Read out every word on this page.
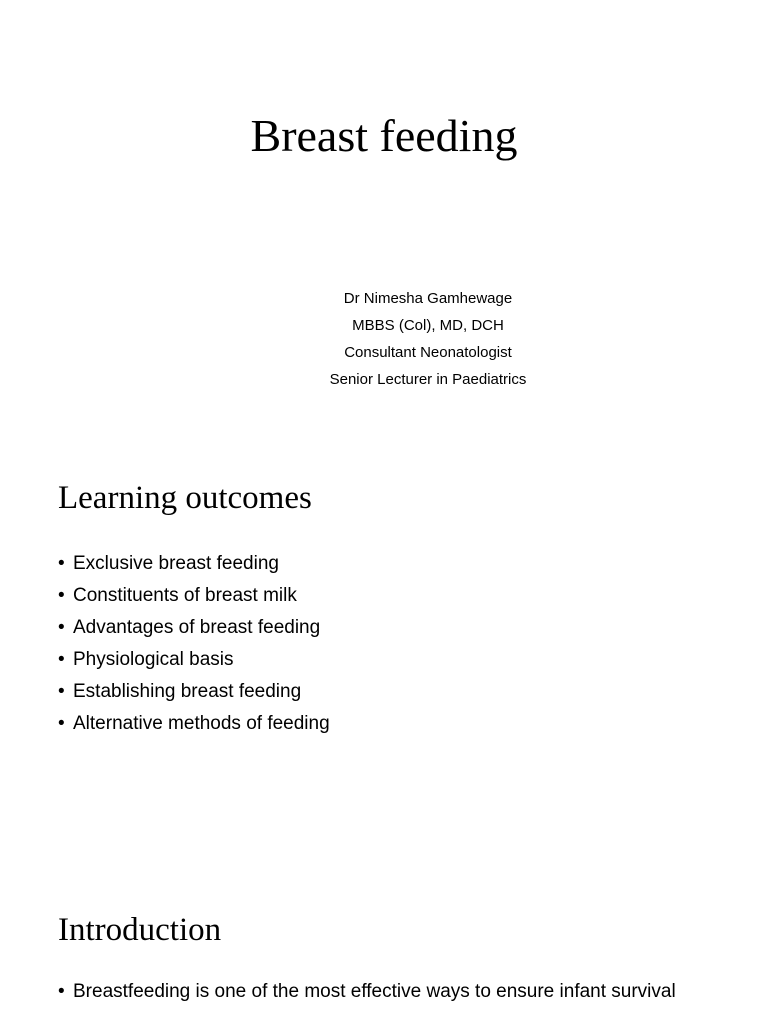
Breast feeding
Dr Nimesha Gamhewage
MBBS (Col), MD, DCH
Consultant Neonatologist
Senior Lecturer in Paediatrics
Learning outcomes
• Exclusive breast feeding
• Constituents of breast milk
• Advantages of breast feeding
• Physiological basis
• Establishing breast feeding
• Alternative methods of feeding
Introduction
• Breastfeeding is one of the most effective ways to ensure infant survival
